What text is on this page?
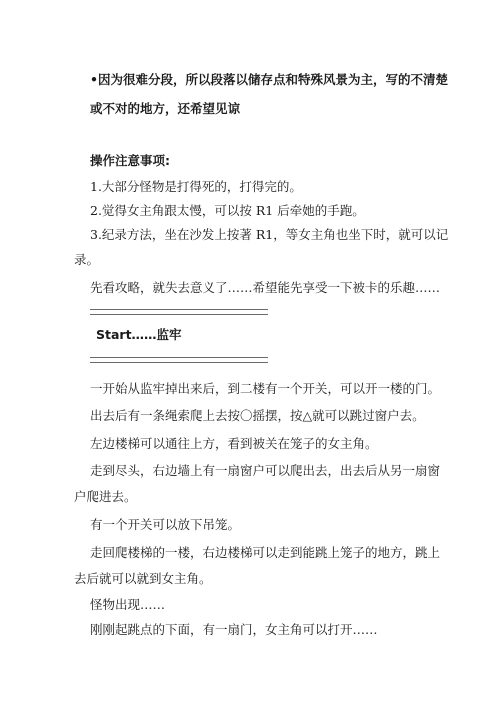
•因为很难分段，所以段落以储存点和特殊风景为主，写的不清楚
或不对的地方，还希望见谅
操作注意事项:
1.大部分怪物是打得死的，打得完的。
2.觉得女主角跟太慢，可以按 R1 后牵她的手跑。
3.纪录方法，坐在沙发上按著 R1，等女主角也坐下时，就可以记
录。
先看攻略，就失去意义了……希望能先享受一下被卡的乐趣……
Start……监牢
一开始从监牢掉出来后，到二楼有一个开关，可以开一楼的门。
出去后有一条绳索爬上去按〇摇摆，按△就可以跳过窗户去。
左边楼梯可以通往上方，看到被关在笼子的女主角。
走到尽头，右边墙上有一扇窗户可以爬出去，出去后从另一扇窗
户爬进去。
有一个开关可以放下吊笼。
走回爬楼梯的一楼，右边楼梯可以走到能跳上笼子的地方，跳上
去后就可以就到女主角。
怪物出现……
刚刚起跳点的下面，有一扇门，女主角可以打开……
